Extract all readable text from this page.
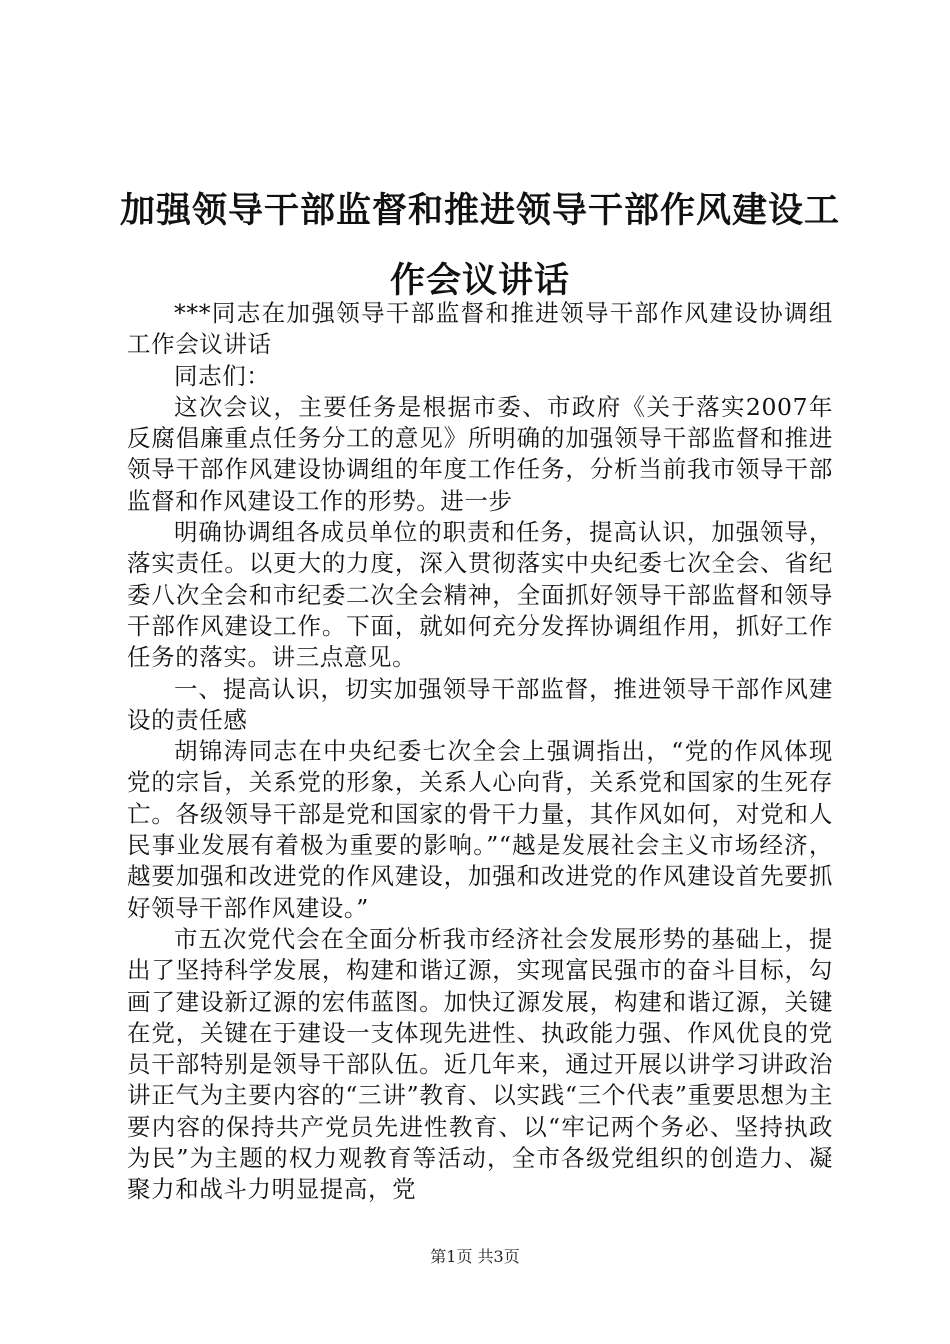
加强领导干部监督和推进领导干部作风建设工作会议讲话

***同志在加强领导干部监督和推进领导干部作风建设协调组工作会议讲话

同志们：

这次会议，主要任务是根据市委、市政府《关于落实2007年反腐倡廉重点任务分工的意见》所明确的加强领导干部监督和推进领导干部作风建设协调组的年度工作任务，分析当前我市领导干部监督和作风建设工作的形势。进一步

明确协调组各成员单位的职责和任务，提高认识，加强领导，落实责任。以更大的力度，深入贯彻落实中央纪委七次全会、省纪委八次全会和市纪委二次全会精神，全面抓好领导干部监督和领导干部作风建设工作。下面，就如何充分发挥协调组作用，抓好工作任务的落实。讲三点意见。

一、提高认识，切实加强领导干部监督，推进领导干部作风建设的责任感

胡锦涛同志在中央纪委七次全会上强调指出，“党的作风体现党的宗旨，关系党的形象，关系人心向背，关系党和国家的生死存亡。各级领导干部是党和国家的骨干力量，其作风如何，对党和人民事业发展有着极为重要的影响。”“越是发展社会主义市场经济，越要加强和改进党的作风建设，加强和改进党的作风建设首先要抓好领导干部作风建设。”

市五次党代会在全面分析我市经济社会发展形势的基础上，提出了坚持科学发展，构建和谐辽源，实现富民强市的奋斗目标，勾画了建设新辽源的宏伟蓝图。加快辽源发展，构建和谐辽源，关键在党，关键在于建设一支体现先进性、执政能力强、作风优良的党员干部特别是领导干部队伍。近几年来，通过开展以讲学习讲政治讲正气为主要内容的“三讲”教育、以实践“三个代表”重要思想为主要内容的保持共产党员先进性教育、以“牢记两个务必、坚持执政为民”为主题的权力观教育等活动，全市各级党组织的创造力、凝聚力和战斗力明显提高，党

第1页 共3页
